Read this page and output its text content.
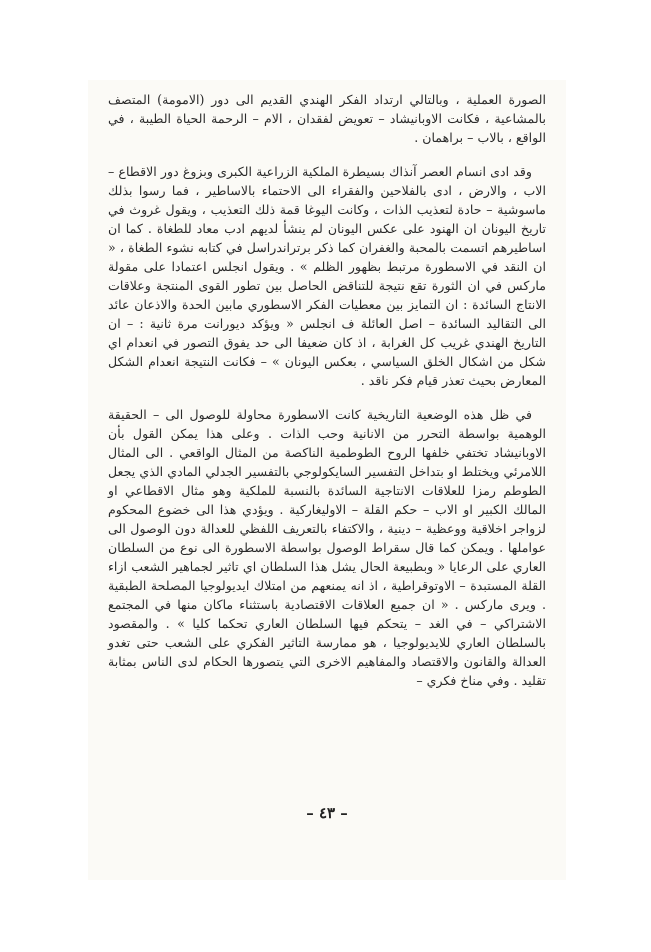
الصورة العملية ، وبالتالي ارتداد الفكر الهندي القديم الى دور (الامومة) المتصف بالمشاعية ، فكانت الاوبانيشاد – تعويض لفقدان ، الام – الرحمة الحياة الطيبة ، في الواقع ، بالاب – براهمان .

وقد ادى انسام العصر آنذاك بسيطرة الملكية الزراعية الكبرى وبزوغ دور الاقطاع – الاب ، والارض ، ادى بالفلاحين والفقراء الى الاحتماء بالاساطير ، فما رسوا بذلك ماسوشية – حادة لتعذيب الذات ، وكانت اليوغا قمة ذلك التعذيب ، ويقول غروث في تاريخ اليونان ان الهنود على عكس اليونان لم ينشأ لديهم ادب معاد للطغاة . كما ان اساطيرهم اتسمت بالمحبة والغفران كما ذكر برتراندراسل في كتابه نشوء الطغاة ، « ان النقد في الاسطورة مرتبط بظهور الظلم » . ويقول انجلس اعتمادا على مقولة ماركس في ان الثورة تقع نتيجة للتناقض الحاصل بين تطور القوى المنتجة وعلاقات الانتاج السائدة : ان التمايز بين معطيات الفكر الاسطوري مابين الحدة والاذعان عائد الى التقاليد السائدة – اصل العائلة ف انجلس « ويؤكد ديورانت مرة ثانية : – ان التاريخ الهندي غريب كل الغرابة ، اذ كان ضعيفا الى حد يفوق التصور في انعدام اي شكل من اشكال الخلق السياسي ، بعكس اليونان » – فكانت النتيجة انعدام الشكل المعارض بحيث تعذر قيام فكر ناقد .

في ظل هذه الوضعية التاريخية كانت الاسطورة محاولة للوصول الى – الحقيقة الوهمية بواسطة التحرر من الانانية وحب الذات . وعلى هذا يمكن القول بأن الاوبانيشاد تختفي خلفها الروح الطوطمية الناكصة من المثال الواقعي . الى المثال اللامرئي ويختلط او بتداخل التفسير السايكولوجي بالتفسير الجدلي المادي الذي يجعل الطوطم رمزا للعلاقات الانتاجية السائدة بالنسبة للملكية وهو مثال الاقطاعي او المالك الكبير او الاب – حكم القلة – الاوليغاركية . ويؤدي هذا الى خضوع المحكوم لزواجر اخلاقية ووعظية – دينية ، والاكتفاء بالتعريف اللفظي للعدالة دون الوصول الى عواملها . ويمكن كما قال سقراط الوصول بواسطة الاسطورة الى نوع من السلطان العاري على الرعايا « وبطبيعة الحال يشل هذا السلطان اي تاثير لجماهير الشعب ازاء القلة المستبدة – الاوتوقراطية ، اذ انه يمنعهم من امتلاك ايديولوجيا المصلحة الطبقية . ويرى ماركس . « ان جميع العلاقات الاقتصادية باستثناء ماكان منها في المجتمع الاشتراكي – في الغد – يتحكم فيها السلطان العاري تحكما كليا » . والمقصود بالسلطان العاري للايديولوجيا ، هو ممارسة التاثير الفكري على الشعب حتى تغدو العدالة والقانون والاقتصاد والمفاهيم الاخرى التي يتصورها الحكام لدى الناس بمثابة تقليد . وفي مناخ فكري –

– ٤٣ –
